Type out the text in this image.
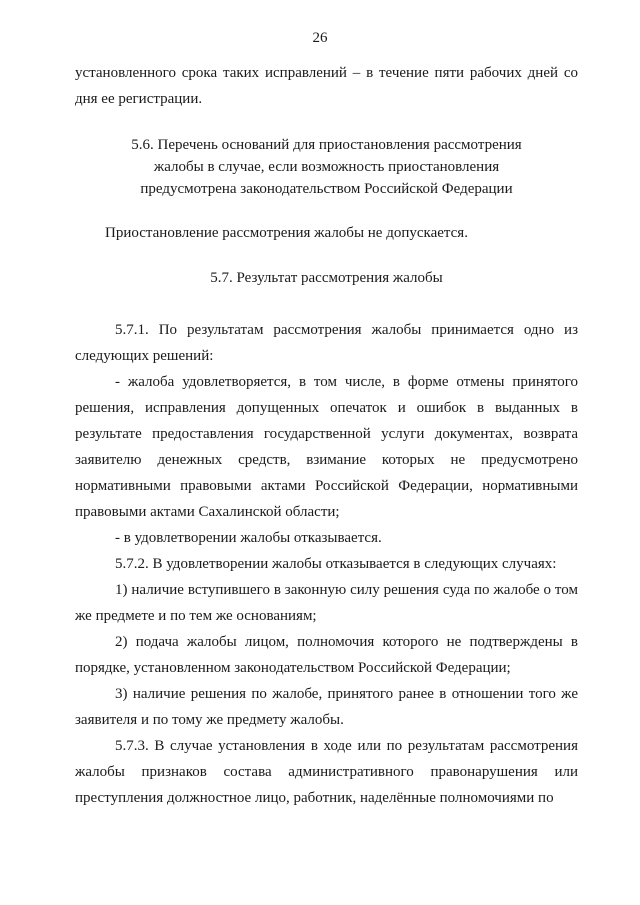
26

установленного срока таких исправлений – в течение пяти рабочих дней со дня ее регистрации.

5.6. Перечень оснований для приостановления рассмотрения
жалобы в случае, если возможность приостановления
предусмотрена законодательством Российской Федерации

Приостановление рассмотрения жалобы не допускается.

5.7. Результат рассмотрения жалобы

5.7.1. По результатам рассмотрения жалобы принимается одно из следующих решений:

- жалоба удовлетворяется, в том числе, в форме отмены принятого решения, исправления допущенных опечаток и ошибок в выданных в результате предоставления государственной услуги документах, возврата заявителю денежных средств, взимание которых не предусмотрено нормативными правовыми актами Российской Федерации, нормативными правовыми актами Сахалинской области;

- в удовлетворении жалобы отказывается.

5.7.2. В удовлетворении жалобы отказывается в следующих случаях:

1) наличие вступившего в законную силу решения суда по жалобе о том же предмете и по тем же основаниям;

2) подача жалобы лицом, полномочия которого не подтверждены в порядке, установленном законодательством Российской Федерации;

3) наличие решения по жалобе, принятого ранее в отношении того же заявителя и по тому же предмету жалобы.

5.7.3. В случае установления в ходе или по результатам рассмотрения жалобы признаков состава административного правонарушения или преступления должностное лицо, работник, наделённые полномочиями по
